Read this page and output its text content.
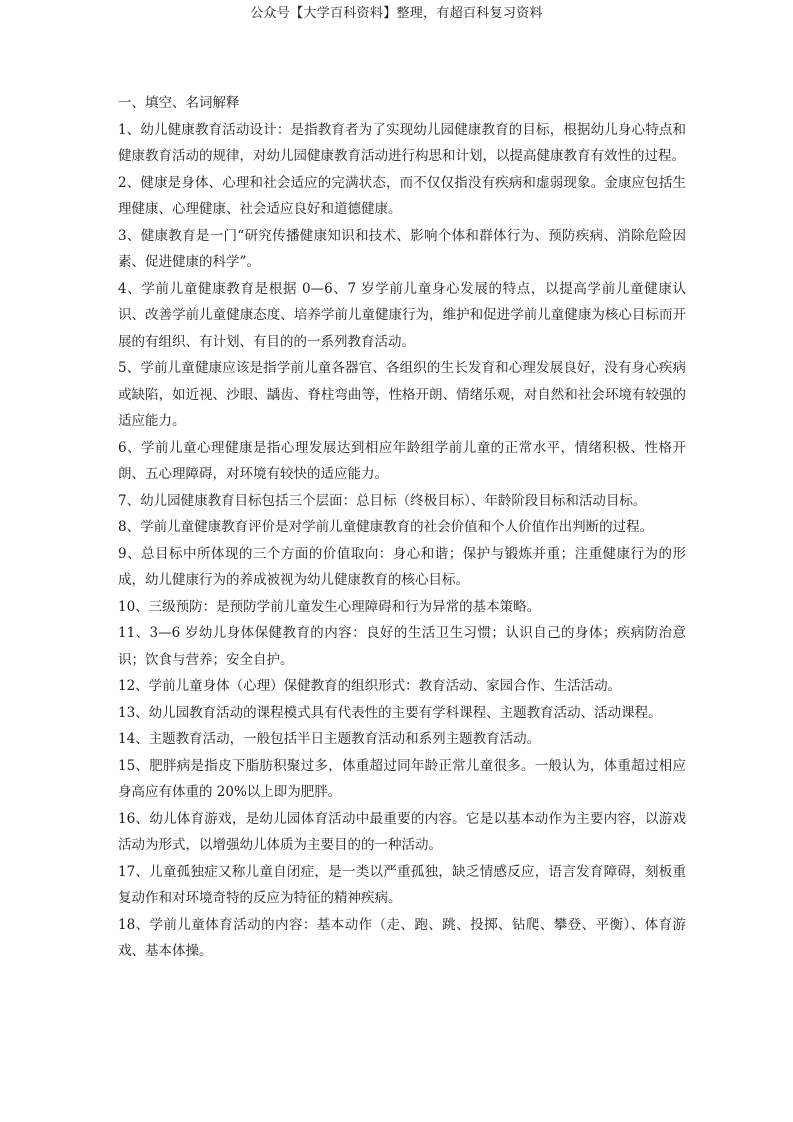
公众号【大学百科资料】整理，有超百科复习资料

一、填空、名词解释

1、幼儿健康教育活动设计：是指教育者为了实现幼儿园健康教育的目标，根据幼儿身心特点和健康教育活动的规律，对幼儿园健康教育活动进行构思和计划，以提高健康教育有效性的过程。

2、健康是身体、心理和社会适应的完满状态，而不仅仅指没有疾病和虚弱现象。金康应包括生理健康、心理健康、社会适应良好和道德健康。

3、健康教育是一门“研究传播健康知识和技术、影响个体和群体行为、预防疾病、消除危险因素、促进健康的科学”。

4、学前儿童健康教育是根据 0—6、7 岁学前儿童身心发展的特点，以提高学前儿童健康认识、改善学前儿童健康态度、培养学前儿童健康行为，维护和促进学前儿童健康为核心目标而开展的有组织、有计划、有目的的一系列教育活动。

5、学前儿童健康应该是指学前儿童各器官、各组织的生长发育和心理发展良好，没有身心疾病或缺陷，如近视、沙眼、龋齿、脊柱弯曲等，性格开朗、情绪乐观，对自然和社会环境有较强的适应能力。

6、学前儿童心理健康是指心理发展达到相应年龄组学前儿童的正常水平，情绪积极、性格开朗、五心理障碍，对环境有较快的适应能力。

7、幼儿园健康教育目标包括三个层面：总目标（终极目标）、年龄阶段目标和活动目标。

8、学前儿童健康教育评价是对学前儿童健康教育的社会价值和个人价值作出判断的过程。

9、总目标中所体现的三个方面的价值取向：身心和谐；保护与锻炼并重；注重健康行为的形成，幼儿健康行为的养成被视为幼儿健康教育的核心目标。

10、三级预防：是预防学前儿童发生心理障碍和行为异常的基本策略。

11、3—6 岁幼儿身体保健教育的内容：良好的生活卫生习惯；认识自己的身体；疾病防治意识；饮食与营养；安全自护。

12、学前儿童身体（心理）保健教育的组织形式：教育活动、家园合作、生活活动。

13、幼儿园教育活动的课程模式具有代表性的主要有学科课程、主题教育活动、活动课程。

14、主题教育活动，一般包括半日主题教育活动和系列主题教育活动。

15、肥胖病是指皮下脂肪积聚过多，体重超过同年龄正常儿童很多。一般认为，体重超过相应身高应有体重的 20%以上即为肥胖。

16、幼儿体育游戏，是幼儿园体育活动中最重要的内容。它是以基本动作为主要内容，以游戏活动为形式，以增强幼儿体质为主要目的的一种活动。

17、儿童孤独症又称儿童自闭症，是一类以严重孤独，缺乏情感反应，语言发育障碍，刻板重复动作和对环境奇特的反应为特征的精神疾病。

18、学前儿童体育活动的内容：基本动作（走、跑、跳、投掷、钻爬、攀登、平衡）、体育游戏、基本体操。
